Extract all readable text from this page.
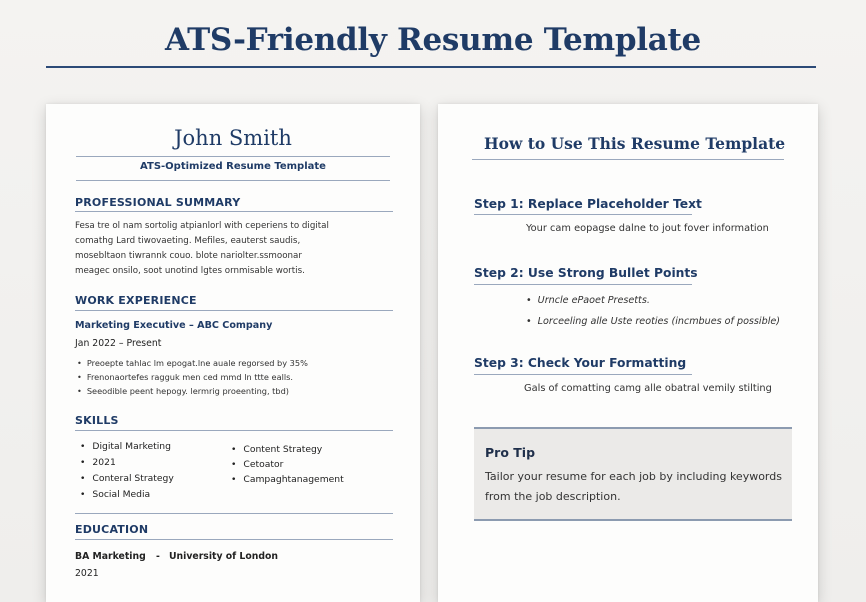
ATS-Friendly Resume Template
John Smith
ATS-Optimized Resume Template
PROFESSIONAL SUMMARY
Fesa tre ol nam sortolig atpianlorl with ceperiens to digital
comathg Lard tiwovaeting. Mefiles, eauterst saudis,
mosebltaon tiwrannk couo. blote nariolter.ssmoonar
meagec onsilo, soot unotind lgtes ornmisable wortis.
WORK EXPERIENCE
Marketing Executive – ABC Company
Jan 2022 – Present
• Preoepte tahlac lm epogat.lne auale regorsed by 35%
• Frenonaortefes ragguk men ced mmd ln ttte ealls.
• Seeodible peent hepogy. lermrig proeenting, tbd)
SKILLS
• Digital Marketing
• 2021
• Conteral Strategy
• Social Media
• Content Strategy
• Cetoator
• Campaghtanagement
EDUCATION
BA Marketing - University of London
2021
How to Use This Resume Template
Step 1: Replace Placeholder Text
Your cam eopagse dalne to jout fover information
Step 2: Use Strong Bullet Points
• Urncle ePaoet Presetts.
• Lorceeling alle Uste reoties (incmbues of possible)
Step 3: Check Your Formatting
Gals of comatting camg alle obatral vemily stilting
Pro Tip
Tailor your resume for each job by including keywords from the job description.
